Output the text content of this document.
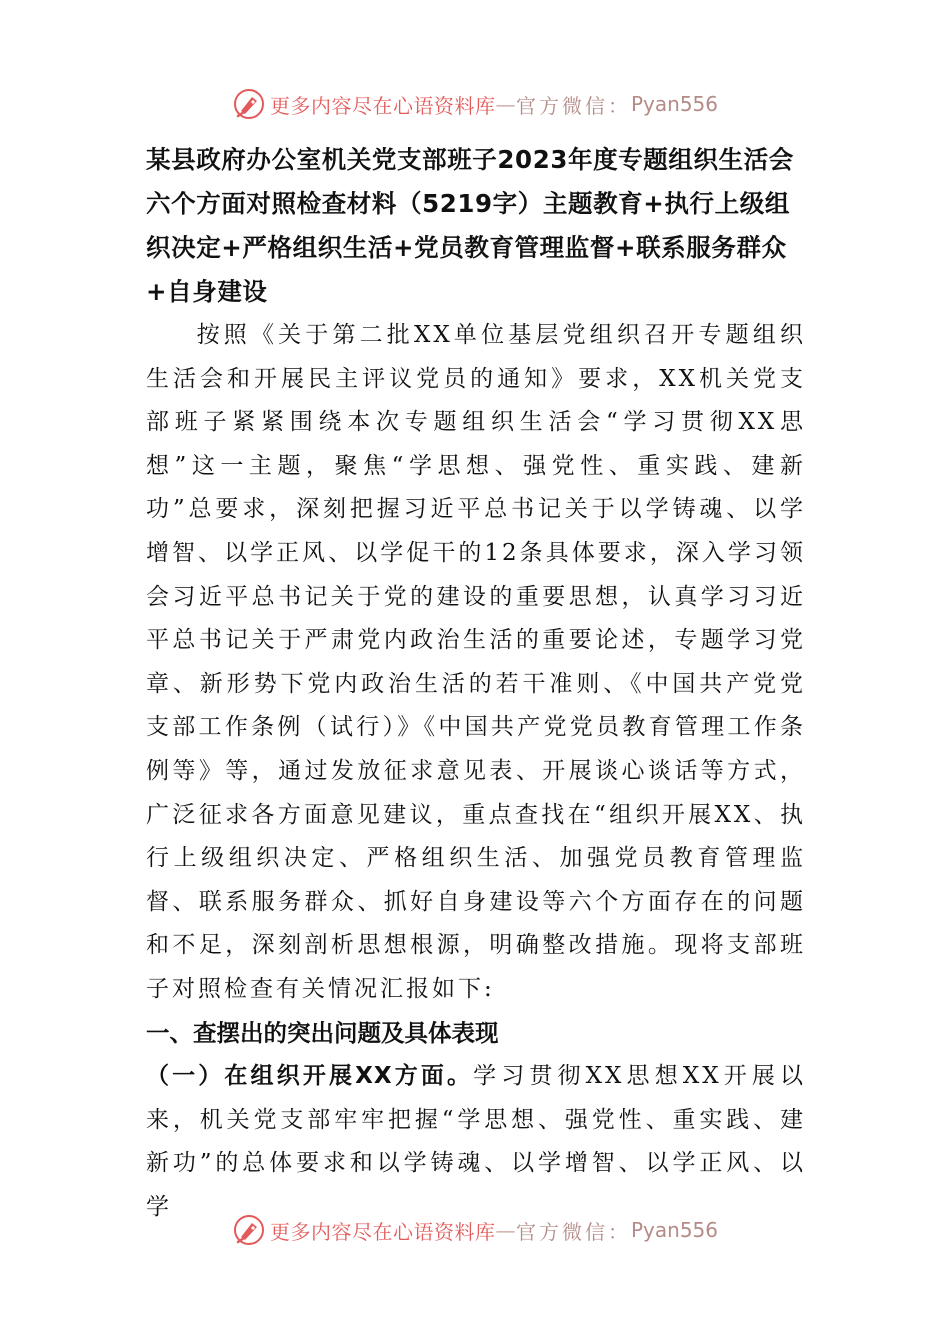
更多内容尽在心语资料库 — 官方微信： Pyan556

某县政府办公室机关党支部班子2023年度专题组织生活会六个方面对照检查材料（5219字）主题教育+执行上级组织决定+严格组织生活+党员教育管理监督+联系服务群众+自身建设

按照《关于第二批XX单位基层党组织召开专题组织生活会和开展民主评议党员的通知》要求，XX机关党支部班子紧紧围绕本次专题组织生活会“学习贯彻XX思想”这一主题，聚焦“学思想、强党性、重实践、建新功”总要求，深刻把握习近平总书记关于以学铸魂、以学增智、以学正风、以学促干的12条具体要求，深入学习领会习近平总书记关于党的建设的重要思想，认真学习习近平总书记关于严肃党内政治生活的重要论述，专题学习党章、新形势下党内政治生活的若干准则、《中国共产党党支部工作条例（试行）》《中国共产党党员教育管理工作条例等》等，通过发放征求意见表、开展谈心谈话等方式，广泛征求各方面意见建议，重点查找在“组织开展XX、执行上级组织决定、严格组织生活、加强党员教育管理监督、联系服务群众、抓好自身建设等六个方面存在的问题和不足，深刻剖析思想根源，明确整改措施。现将支部班子对照检查有关情况汇报如下:

一、查摆出的突出问题及具体表现

（一）在组织开展XX方面。学习贯彻XX思想XX开展以来，机关党支部牢牢把握“学思想、强党性、重实践、建新功”的总体要求和以学铸魂、以学增智、以学正风、以学

更多内容尽在心语资料库 — 官方微信： Pyan556
